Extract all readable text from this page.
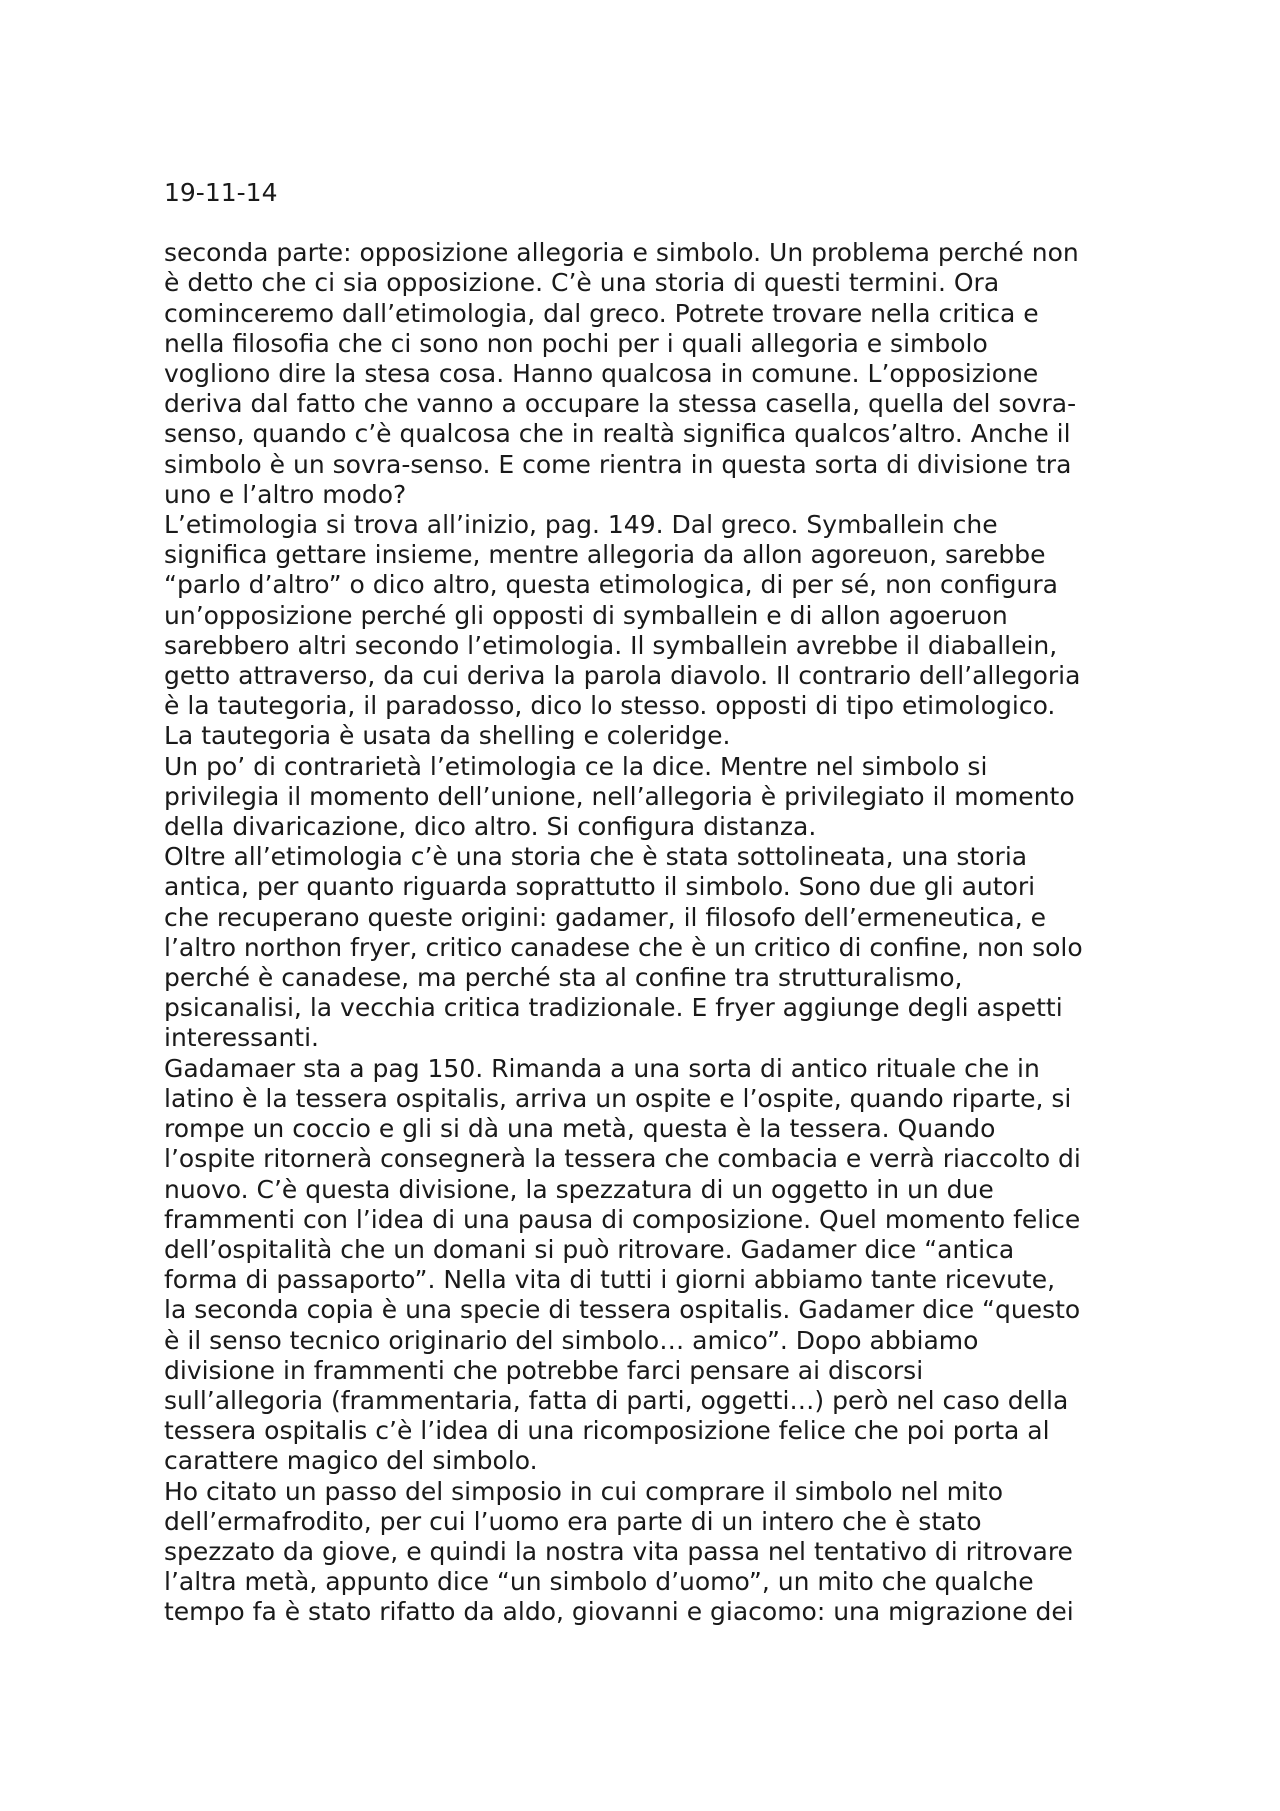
19-11-14

seconda parte: opposizione allegoria e simbolo. Un problema perché non
è detto che ci sia opposizione. C’è una storia di questi termini. Ora
cominceremo dall’etimologia, dal greco. Potrete trovare nella critica e
nella filosofia che ci sono non pochi per i quali allegoria e simbolo
vogliono dire la stesa cosa. Hanno qualcosa in comune. L’opposizione
deriva dal fatto che vanno a occupare la stessa casella, quella del sovra-
senso, quando c’è qualcosa che in realtà significa qualcos’altro. Anche il
simbolo è un sovra-senso. E come rientra in questa sorta di divisione tra
uno e l’altro modo?

L’etimologia si trova all’inizio, pag. 149. Dal greco. Symballein che
significa gettare insieme, mentre allegoria da allon agoreuon, sarebbe
“parlo d’altro” o dico altro, questa etimologica, di per sé, non configura
un’opposizione perché gli opposti di symballein e di allon agoeruon
sarebbero altri secondo l’etimologia. Il symballein avrebbe il diaballein,
getto attraverso, da cui deriva la parola diavolo. Il contrario dell’allegoria
è la tautegoria, il paradosso, dico lo stesso. opposti di tipo etimologico.
La tautegoria è usata da shelling e coleridge.

Un po’ di contrarietà l’etimologia ce la dice. Mentre nel simbolo si
privilegia il momento dell’unione, nell’allegoria è privilegiato il momento
della divaricazione, dico altro. Si configura distanza.

Oltre all’etimologia c’è una storia che è stata sottolineata, una storia
antica, per quanto riguarda soprattutto il simbolo. Sono due gli autori
che recuperano queste origini: gadamer, il filosofo dell’ermeneutica, e
l’altro northon fryer, critico canadese che è un critico di confine, non solo
perché è canadese, ma perché sta al confine tra strutturalismo,
psicanalisi, la vecchia critica tradizionale. E fryer aggiunge degli aspetti
interessanti.

Gadamaer sta a pag 150. Rimanda a una sorta di antico rituale che in
latino è la tessera ospitalis, arriva un ospite e l’ospite, quando riparte, si
rompe un coccio e gli si dà una metà, questa è la tessera. Quando
l’ospite ritornerà consegnerà la tessera che combacia e verrà riaccolto di
nuovo. C’è questa divisione, la spezzatura di un oggetto in un due
frammenti con l’idea di una pausa di composizione. Quel momento felice
dell’ospitalità che un domani si può ritrovare. Gadamer dice “antica
forma di passaporto”. Nella vita di tutti i giorni abbiamo tante ricevute,
la seconda copia è una specie di tessera ospitalis. Gadamer dice “questo
è il senso tecnico originario del simbolo… amico”. Dopo abbiamo
divisione in frammenti che potrebbe farci pensare ai discorsi
sull’allegoria (frammentaria, fatta di parti, oggetti…) però nel caso della
tessera ospitalis c’è l’idea di una ricomposizione felice che poi porta al
carattere magico del simbolo.

Ho citato un passo del simposio in cui comprare il simbolo nel mito
dell’ermafrodito, per cui l’uomo era parte di un intero che è stato
spezzato da giove, e quindi la nostra vita passa nel tentativo di ritrovare
l’altra metà, appunto dice “un simbolo d’uomo”, un mito che qualche
tempo fa è stato rifatto da aldo, giovanni e giacomo: una migrazione dei
